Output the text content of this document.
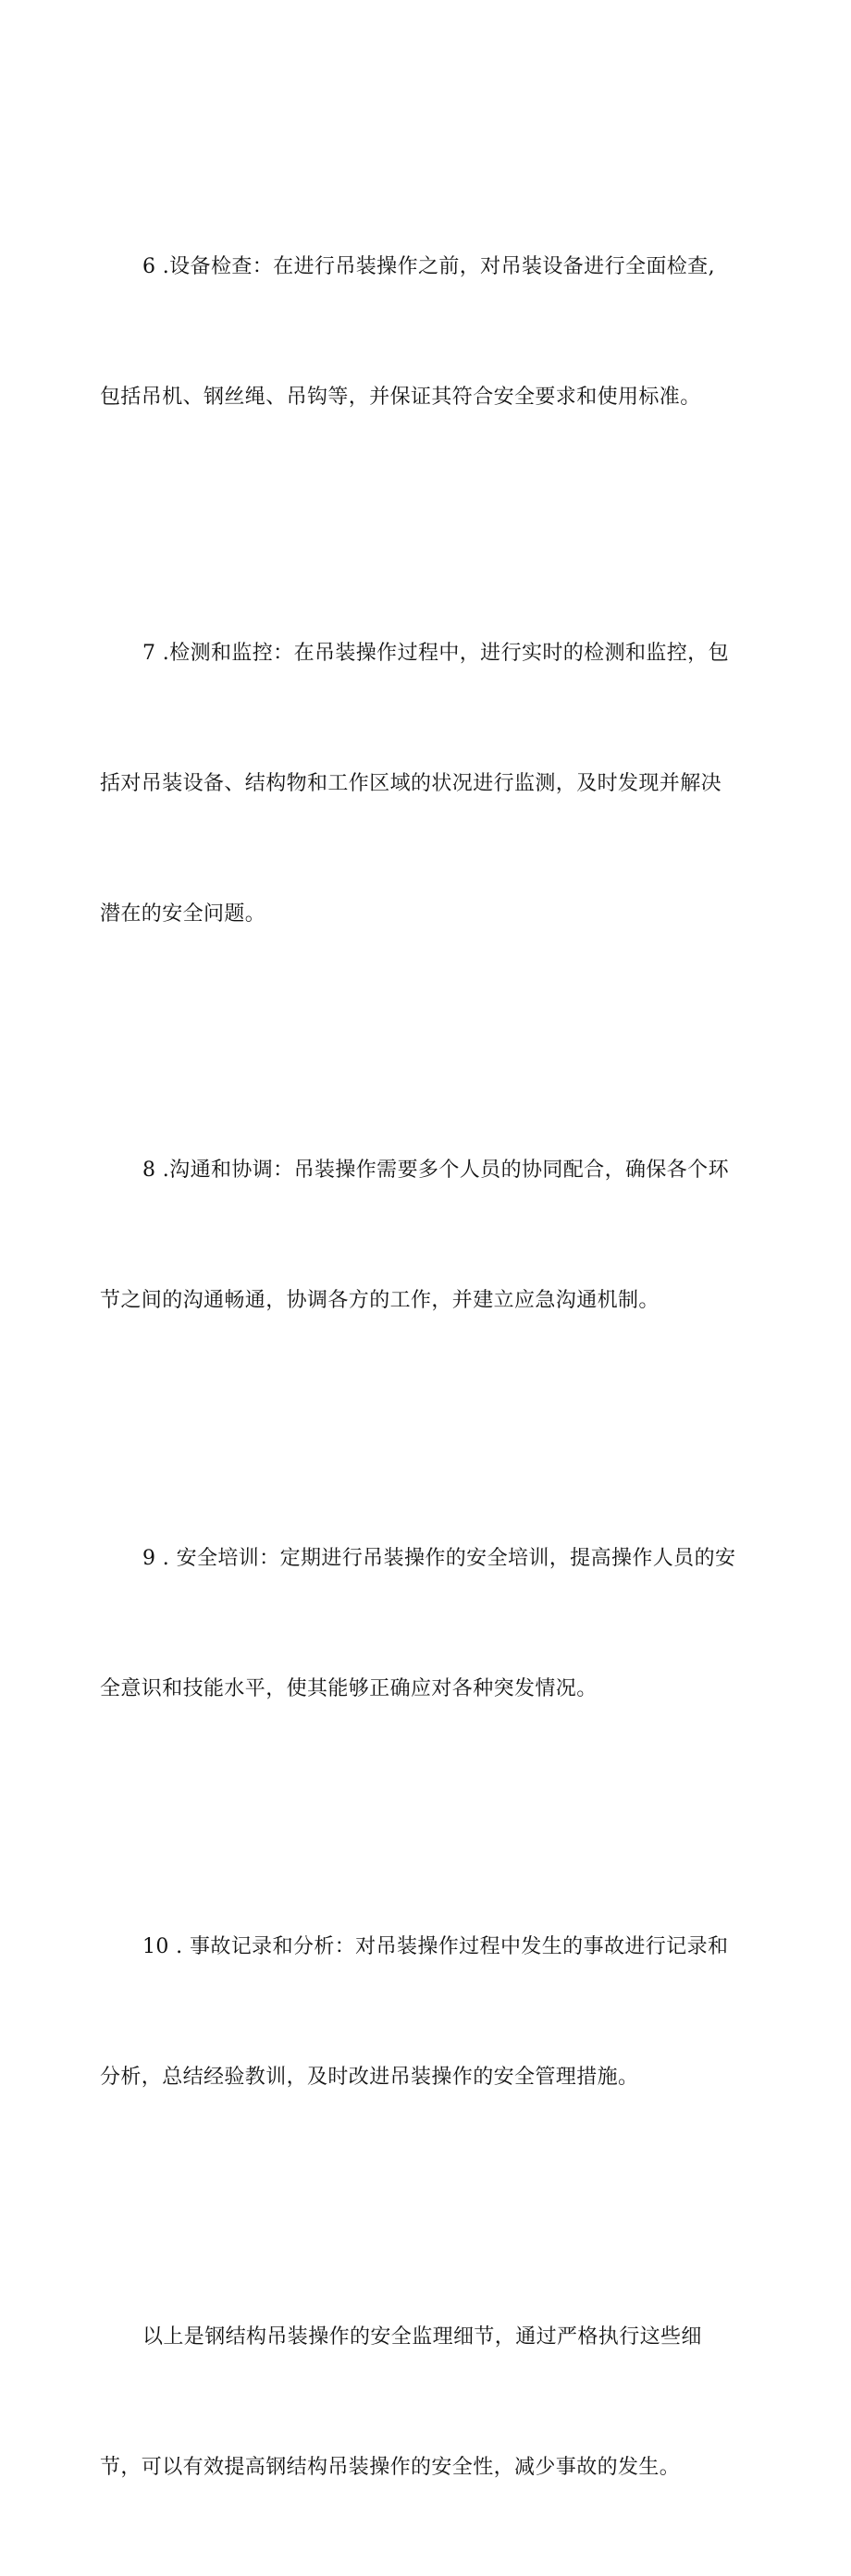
6 .设备检查：在进行吊装操作之前，对吊装设备进行全面检查,

包括吊机、钢丝绳、吊钩等，并保证其符合安全要求和使用标准。

7 .检测和监控：在吊装操作过程中，进行实时的检测和监控，包

括对吊装设备、结构物和工作区域的状况进行监测，及时发现并解决

潜在的安全问题。

8 .沟通和协调：吊装操作需要多个人员的协同配合，确保各个环

节之间的沟通畅通，协调各方的工作，并建立应急沟通机制。

9 . 安全培训：定期进行吊装操作的安全培训，提高操作人员的安

全意识和技能水平，使其能够正确应对各种突发情况。

10 . 事故记录和分析：对吊装操作过程中发生的事故进行记录和

分析，总结经验教训，及时改进吊装操作的安全管理措施。

以上是钢结构吊装操作的安全监理细节，通过严格执行这些细

节，可以有效提高钢结构吊装操作的安全性，减少事故的发生。
